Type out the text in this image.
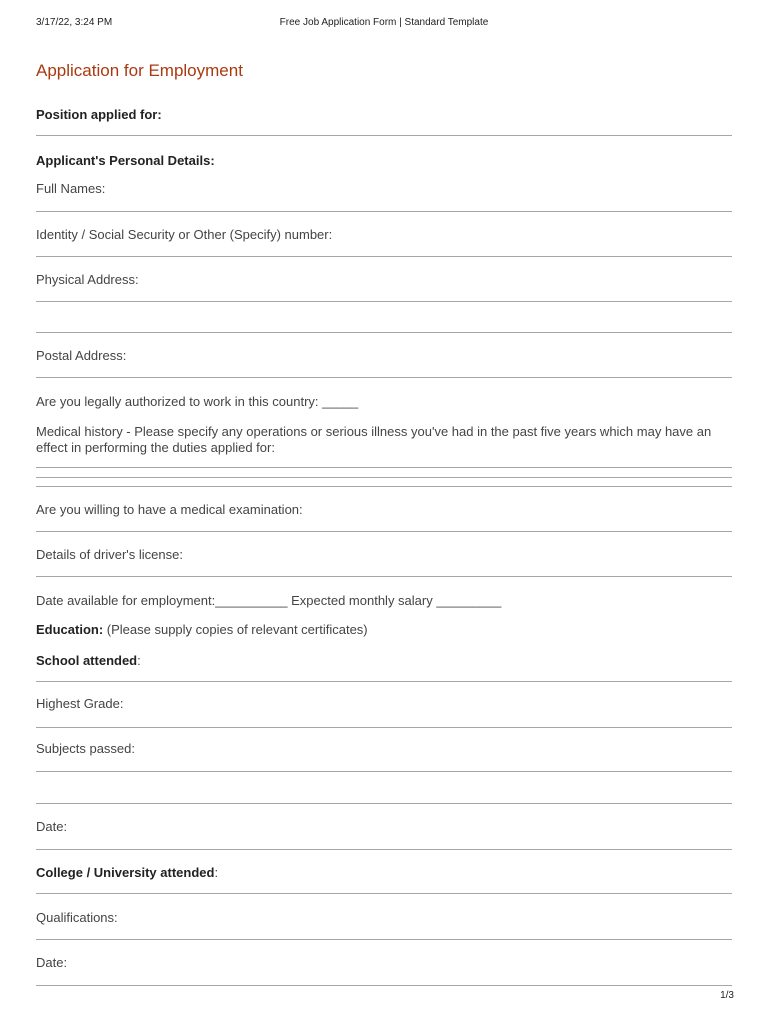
3/17/22, 3:24 PM	Free Job Application Form | Standard Template
Application for Employment
Position applied for:
Applicant's Personal Details:
Full Names:
Identity / Social Security or Other (Specify) number:
Physical Address:
Postal Address:
Are you legally authorized to work in this country: _____
Medical history - Please specify any operations or serious illness you've had in the past five years which may have an effect in performing the duties applied for:
Are you willing to have a medical examination:
Details of driver's license:
Date available for employment:__________ Expected monthly salary _________
Education: (Please supply copies of relevant certificates)
School attended:
Highest Grade:
Subjects passed:
Date:
College / University attended:
Qualifications:
Date:
1/3
